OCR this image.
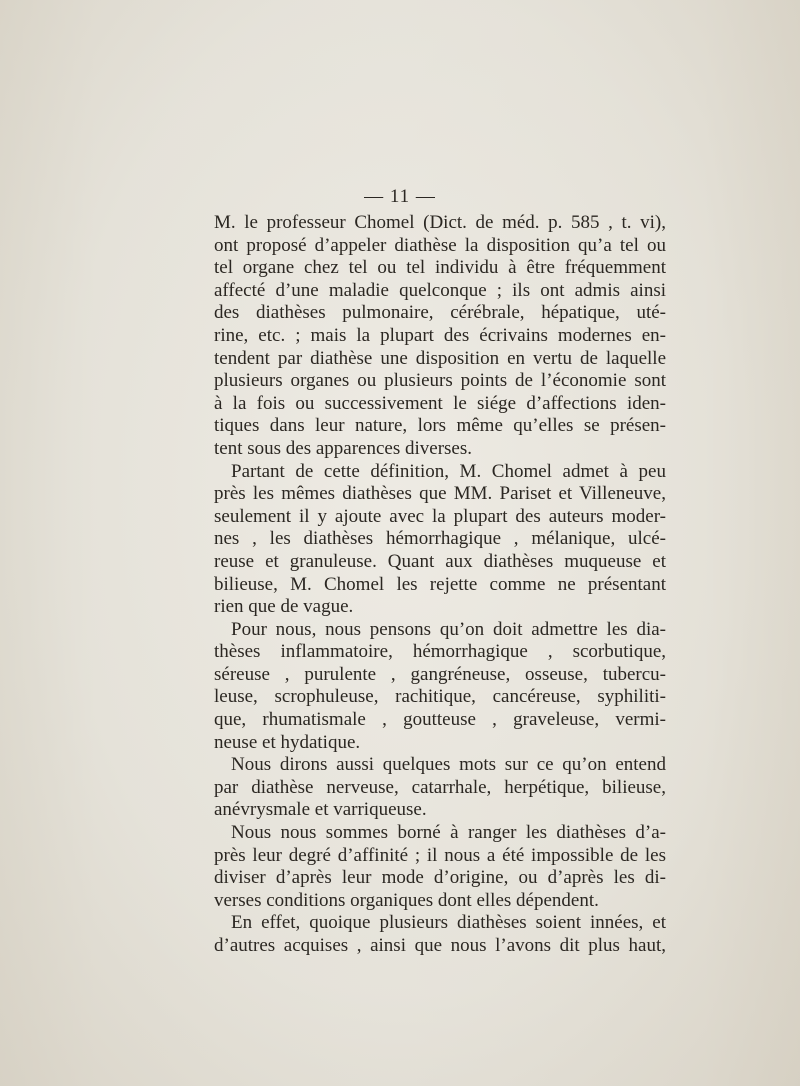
— 11 —
M. le professeur Chomel (Dict. de méd. p. 585 , t. vi),
ont proposé d’appeler diathèse la disposition qu’a tel ou
tel organe chez tel ou tel individu à être fréquemment
affecté d’une maladie quelconque ; ils ont admis ainsi
des diathèses pulmonaire, cérébrale, hépatique, uté-
rine, etc. ; mais la plupart des écrivains modernes en-
tendent par diathèse une disposition en vertu de laquelle
plusieurs organes ou plusieurs points de l’économie sont
à la fois ou successivement le siége d’affections iden-
tiques dans leur nature, lors même qu’elles se présen-
tent sous des apparences diverses.
Partant de cette définition, M. Chomel admet à peu
près les mêmes diathèses que MM. Pariset et Villeneuve,
seulement il y ajoute avec la plupart des auteurs moder-
nes , les diathèses hémorrhagique , mélanique, ulcé-
reuse et granuleuse. Quant aux diathèses muqueuse et
bilieuse, M. Chomel les rejette comme ne présentant
rien que de vague.
Pour nous, nous pensons qu’on doit admettre les dia-
thèses inflammatoire, hémorrhagique , scorbutique,
séreuse , purulente , gangréneuse, osseuse, tubercu-
leuse, scrophuleuse, rachitique, cancéreuse, syphiliti-
que, rhumatismale , goutteuse , graveleuse, vermi-
neuse et hydatique.
Nous dirons aussi quelques mots sur ce qu’on entend
par diathèse nerveuse, catarrhale, herpétique, bilieuse,
anévrysmale et varriqueuse.
Nous nous sommes borné à ranger les diathèses d’a-
près leur degré d’affinité ; il nous a été impossible de les
diviser d’après leur mode d’origine, ou d’après les di-
verses conditions organiques dont elles dépendent.
En effet, quoique plusieurs diathèses soient innées, et
d’autres acquises , ainsi que nous l’avons dit plus haut,
